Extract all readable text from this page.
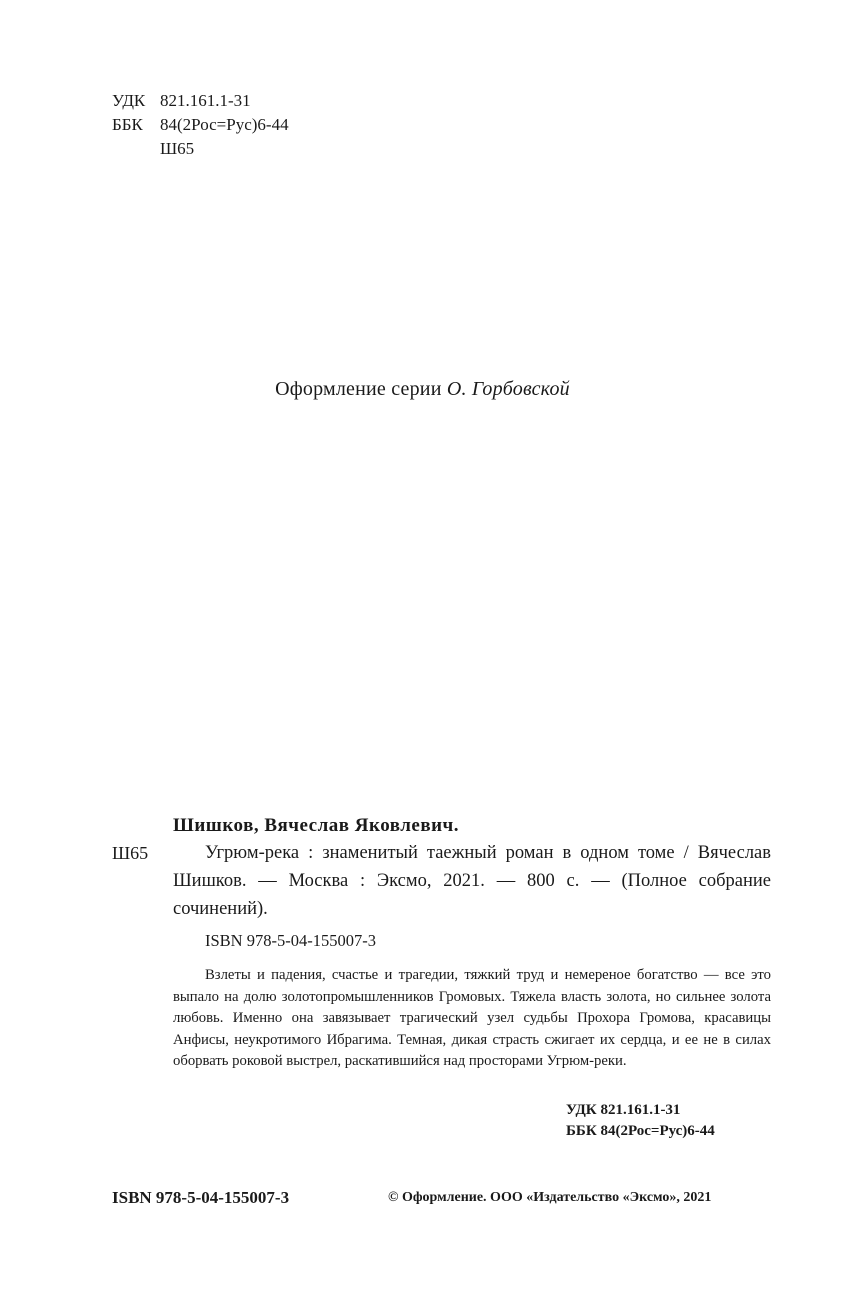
УДК 821.161.1-31
ББК 84(2Рос=Рус)6-44
Ш65
Оформление серии О. Горбовской
Шишков, Вячеслав Яковлевич.
Ш65	Угрюм-река : знаменитый таежный роман в одном томе / Вячеслав Шишков. — Москва : Эксмо, 2021. — 800 с. — (Полное собрание сочинений).

ISBN 978-5-04-155007-3

Взлеты и падения, счастье и трагедии, тяжкий труд и немереное богатство — все это выпало на долю золотопромышленников Громовых. Тяжела власть золота, но сильнее золота любовь. Именно она завязывает трагический узел судьбы Прохора Громова, красавицы Анфисы, неукротимого Ибрагима. Темная, дикая страсть сжигает их сердца, и ее не в силах оборвать роковой выстрел, раскатившийся над просторами Угрюм-реки.

УДК 821.161.1-31
ББК 84(2Рос=Рус)6-44
ISBN 978-5-04-155007-3	© Оформление. ООО «Издательство «Эксмо», 2021
